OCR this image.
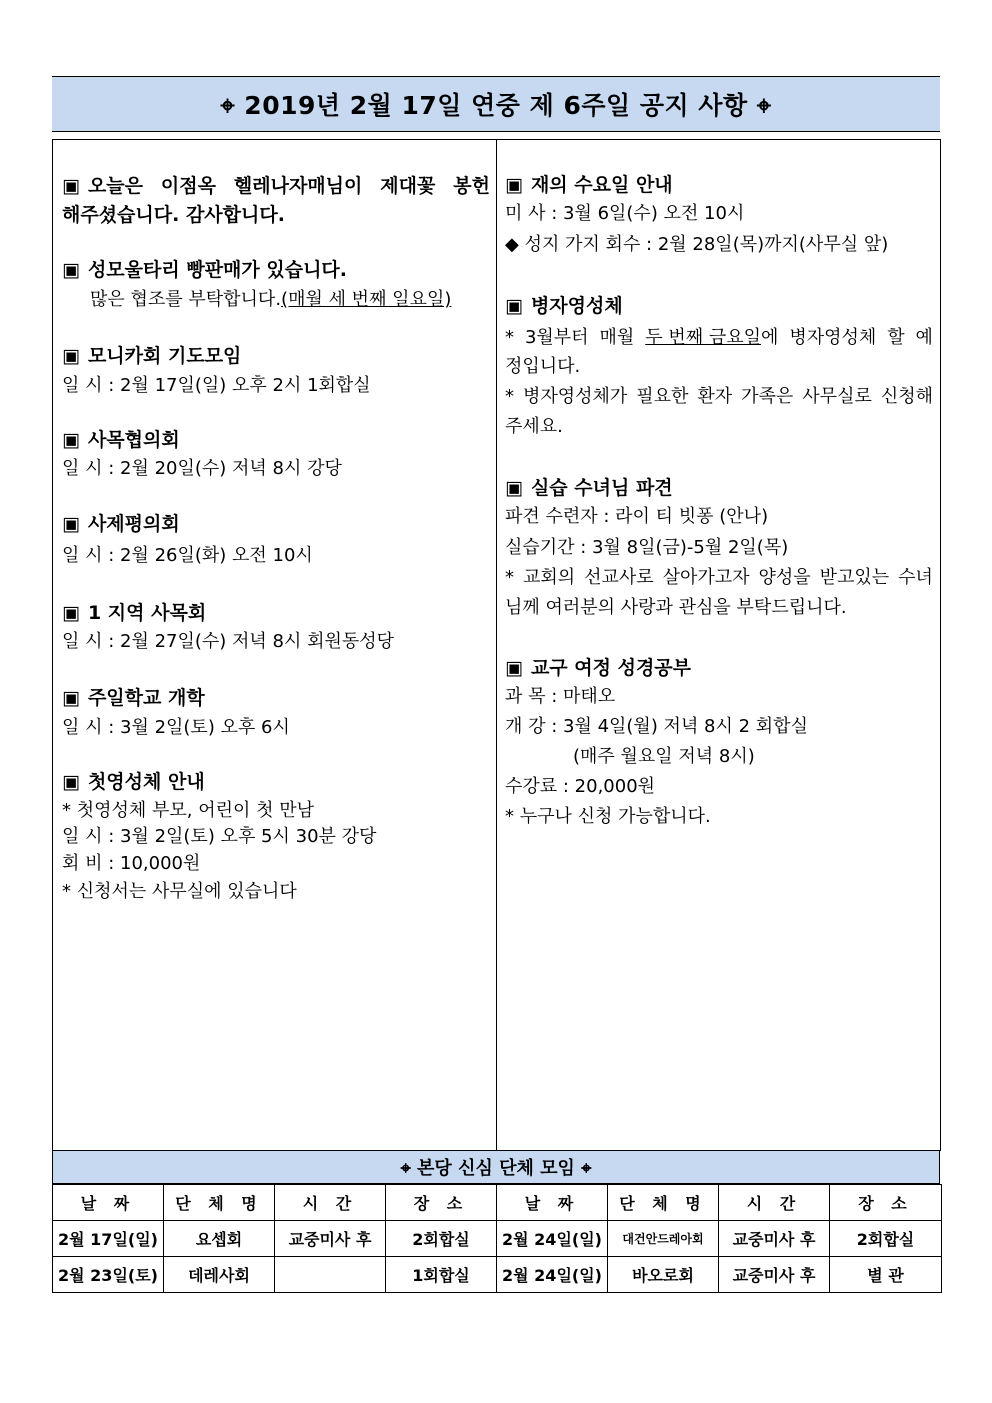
⌖ 2019년 2월 17일 연중 제 6주일 공지 사항 ⌖
▣ 오늘은 이점옥 헬레나자매님이 제대꽃 봉헌
해주셨습니다. 감사합니다.
▣ 성모울타리 빵판매가 있습니다.
많은 협조를 부탁합니다.(매월 세 번째 일요일)
▣ 모니카회 기도모임
일 시 : 2월 17일(일) 오후 2시 1회합실
▣ 사목협의회
일 시 : 2월 20일(수) 저녁 8시 강당
▣ 사제평의회
일 시 : 2월 26일(화) 오전 10시
▣ 1 지역 사목회
일 시 : 2월 27일(수) 저녁 8시 회원동성당
▣ 주일학교 개학
일 시 : 3월 2일(토) 오후 6시
▣ 첫영성체 안내
* 첫영성체 부모, 어린이 첫 만남
일 시 : 3월 2일(토) 오후 5시 30분 강당
회 비 : 10,000원
* 신청서는 사무실에 있습니다
▣ 재의 수요일 안내
미 사 : 3월 6일(수) 오전 10시
◆ 성지 가지 회수 : 2월 28일(목)까지(사무실 앞)
▣ 병자영성체
* 3월부터 매월 두 번째 금요일에 병자영성체 할 예
정입니다.
* 병자영성체가 필요한 환자 가족은 사무실로 신청해
주세요.
▣ 실습 수녀님 파견
파견 수련자 : 라이 티 빗퐁 (안나)
실습기간 : 3월 8일(금)-5월 2일(목)
* 교회의 선교사로 살아가고자 양성을 받고있는 수녀
님께 여러분의 사랑과 관심을 부탁드립니다.
▣ 교구 여정 성경공부
과 목 : 마태오
개 강 : 3월 4일(월) 저녁 8시 2 회합실
(매주 월요일 저녁 8시)
수강료 : 20,000원
* 누구나 신청 가능합니다.
⌖ 본당 신심 단체 모임 ⌖
날 짜	단 체 명	시 간	장 소	날 짜	단 체 명	시 간	장 소
2월 17일(일)	요셉회	교중미사 후	2회합실	2월 24일(일)	대건안드레아회	교중미사 후	2회합실
2월 23일(토)	데레사회		1회합실	2월 24일(일)	바오로회	교중미사 후	별 관
